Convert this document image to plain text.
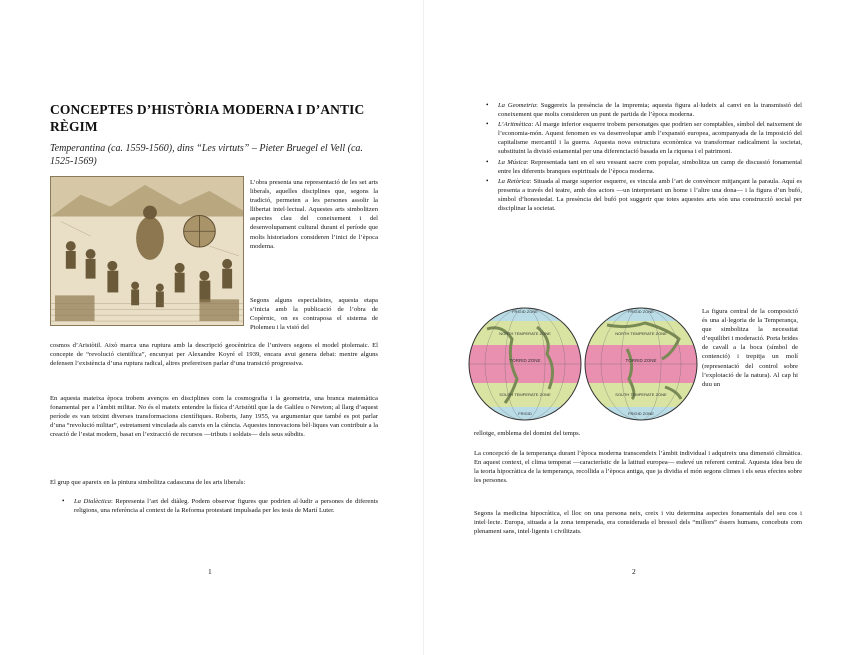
CONCEPTES D’HISTÒRIA MODERNA I D’ANTIC RÈGIM
Temperantina (ca. 1559-1560), dins “Les virtuts” – Pieter Bruegel el Vell (ca. 1525-1569)

L’obra presenta una representació de les set arts liberals, aquelles disciplines que, segons la tradició, permeten a les persones assolir la llibertat intel·lectual. Aquestes arts simbolitzen aspectes clau del coneixement i del desenvolupament cultural durant el període que molts historiadors consideren l’inici de l’època moderna.

Segons alguns especialistes, aquesta etapa s’inicia amb la publicació de l’obra de Copèrnic, on es contraposa el sistema de Ptolemeu i la visió del

cosmos d’Aristòtil. Això marca una ruptura amb la descripció geocèntrica de l’univers segons el model ptolemaic. El concepte de “revolució científica”, encunyat per Alexandre Koyré el 1939, encara avui genera debat: mentre alguns defensen l’existència d’una ruptura radical, altres prefereixen parlar d’una transició progressiva.

En aquesta mateixa època trobem avenços en disciplines com la cosmografia i la geometria, una branca matemàtica fonamental per a l’àmbit militar. No és el mateix entendre la física d’Aristòtil que la de Galileu o Newton; al llarg d’aquest període es van teixint diverses transformacions científiques. Roberts, Jany 1955, va argumentar que també es pot parlar d’una “revolució militar”, estretament vinculada als canvis en la ciència. Aquestes innovacions bèl·liques van contribuir a la creació de l’estat modern, basat en l’extracció de recursos —tributs i soldats— dels seus súbdits.

El grup que apareix en la pintura simbolitza cadascuna de les arts liberals:

• La Dialèctica: Representa l’art del diàleg. Podem observar figures que podrien al·ludir a persones de diferents religions, una referència al context de la Reforma protestant impulsada per les tesis de Martí Luter.
1
• La Geometria: Suggereix la presència de la impremta; aquesta figura al·ludeix al canvi en la transmissió del coneixement que molts consideren un punt de partida de l’època moderna.
• L’Aritmètica: Al marge inferior esquerre trobem personatges que podrien ser comptables, símbol del naixement de l’economia-món. Aquest fenomen es va desenvolupar amb l’expansió europea, acompanyada de la imposició del capitalisme mercantil i la guerra. Aquesta nova estructura econòmica va transformar radicalment la societat, substituint la divisió estamental per una diferenciació basada en la riquesa i el patrimoni.
• La Música: Representada tant en el seu vessant sacre com popular, simbolitza un camp de discussió fonamental entre les diferents branques espirituals de l’època moderna.
• La Retòrica: Situada al marge superior esquerre, es vincula amb l’art de convèncer mitjançant la paraula. Aquí es presenta a través del teatre, amb dos actors —un interpretant un home i l’altre una dona— i la figura d’un bufó, símbol d’honestedat. La presència del bufó pot suggerir que totes aquestes arts són una construcció social per disciplinar la societat.

La figura central de la composició és una al·legoria de la Temperança, que simbolitza la necessitat d’equilibri i moderació. Porta brides de cavall a la boca (símbol de contenció) i trepitja un molí (representació del control sobre l’explotació de la natura). Al cap hi duu un

rellotge, emblema del domini del temps.

La concepció de la temperança durant l’època moderna transcendeix l’àmbit individual i adquireix una dimensió climàtica. En aquest context, el clima temperat —característic de la latitud europea— esdevé un referent central. Aquesta idea beu de la teoria hipocràtica de la temperança, recollida a l’època antiga, que ja dividia el món segons climes i els seus efectes sobre les persones.

Segons la medicina hipocràtica, el lloc on una persona neix, creix i viu determina aspectes fonamentals del seu cos i intel·lecte. Europa, situada a la zona temperada, era considerada el bressol dels “millors” éssers humans, concebuts com plenament sans, intel·ligents i civilitzats.

2
FRIGID ZONE
NORTH TEMPERATE ZONE
TORRID ZONE
SOUTH TEMPERATE ZONE
FRIGID
FRIGID ZONE
NORTH TEMPERATE ZONE
TORRID ZONE
SOUTH TEMPERATE ZONE
FRIGID ZONE
